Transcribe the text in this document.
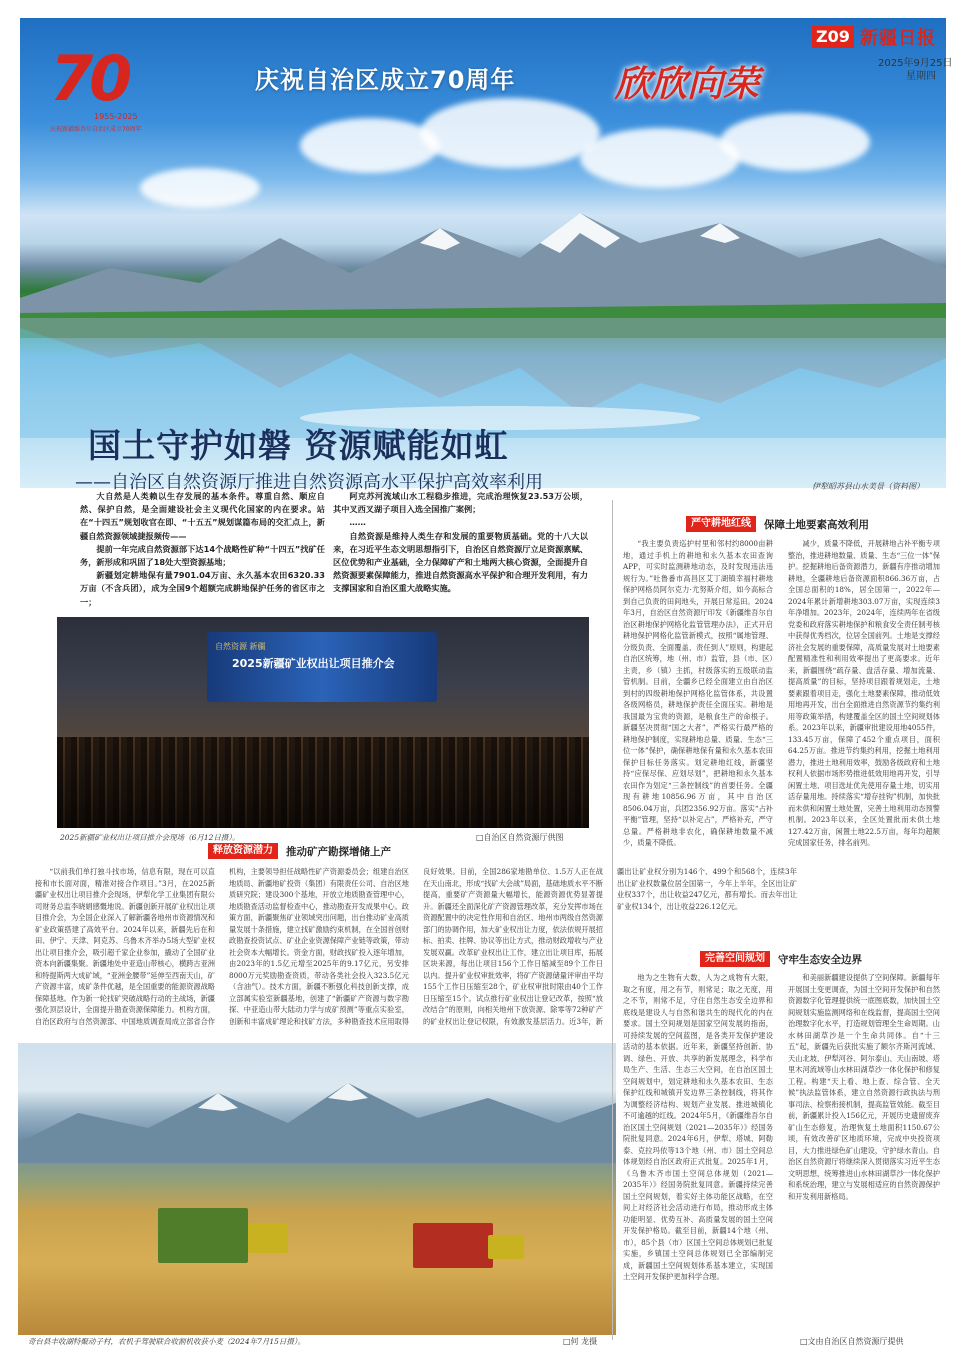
70
1955-2025
庆祝新疆维吾尔自治区成立70周年
庆祝自治区成立70周年	欣欣向荣
国土守护如磐 资源赋能如虹
——自治区自然资源厅推进自然资源高水平保护高效率利用	伊犁昭苏县山水美景（资料图）
Z09 新疆日报
2025年9月25日
星期四

大自然是人类赖以生存发展的基本条件。尊重自然、顺应自然、保护自然，是全面建设社会主义现代化国家的内在要求。站在“十四五”规划收官在即、“十五五”规划谋篇布局的交汇点上，新疆自然资源领域捷报频传——

提前一年完成自然资源部下达14个战略性矿种“十四五”找矿任务，新形成和巩固了18处大型资源基地；

新疆划定耕地保有量7901.04万亩、永久基本农田6320.33万亩（不含兵团），成为全国9个超额完成耕地保护任务的省区市之一；

阿克苏河流域山水工程稳步推进，完成治理恢复23.53万公顷，其中叉西叉湖子项目入选全国推广案例；

……

自然资源是维持人类生存和发展的重要物质基础。党的十八大以来，在习近平生态文明思想指引下，自治区自然资源厅立足资源禀赋、区位优势和产业基础，全力保障矿产和土地两大核心资源，全面提升自然资源要素保障能力，推进自然资源高水平保护和合理开发利用，有力支撑国家和自治区重大战略实施。

自然资源 新疆
2025新疆矿业权出让项目推介会
2025新疆矿业权出让项目推介会现场（6月12日摄）。	□自治区自然资源厅供图
释放资源潜力	推动矿产勘探增储上产

“以前我们单打独斗找市场，信息有限，现在可以直接和市长面对面，精准对接合作项目。”3月，在2025新疆矿业权出让项目推介会现场，伊犁化学工业集团有限公司财务总监李晓娟感慨地说。新疆创新开展矿业权出让项目推介会，为全国企业深入了解新疆各地州市资源情况和矿业政策搭建了高效平台。2024年以来，新疆先后在和田、伊宁、天津、阿克苏、乌鲁木齐举办5场大型矿业权出让项目推介会，吸引超千家企业参加，撬动了全国矿业资本向新疆集聚。新疆地处中亚造山带核心，横跨古亚洲和特提斯两大成矿域，“亚洲金腰带”延伸至西南天山，矿产资源丰富，成矿条件优越，是全国重要的能源资源战略保障基地。作为新一轮找矿突破战略行动的主战场，新疆强化顶层设计，全面提升勘查资源保障能力。机构方面，自治区政府与自然资源部、中国地质调查局成立部省合作机构，主要领导担任战略性矿产资源委员会；组建自治区地质局、新疆地矿投资（集团）有限责任公司、自治区地质研究院；建设300个基地，开放立地质勘查管理中心，地质勘查活动监督检查中心，推动勘查开发成果中心。政策方面，新疆聚焦矿业领域突出问题，出台推动矿业高质量发展十条措施，建立找矿激励约束机制，在全国首创财政勘查投资试点、矿业企业资源保障产业链等政策，带动社会资本大幅增长。资金方面，财政找矿投入逐年增加，由2023年的1.5亿元增至2025年的9.17亿元，另安排8000万元奖励勘查资质，带动各类社会投入323.5亿元（含油气）。技术方面，新疆不断强化科技创新支撑，成立部属实验室新疆基地，创建了“新疆矿产资源与数字勘探、中亚造山带大陆动力学与成矿预测”等重点实验室，创新和丰富成矿理论和找矿方法，多种勘查技术应用取得良好效果。目前，全国286家地勘单位、1.5万人正在战在天山南北，形成“找矿大会战”局面，基础地质水平不断提高，重要矿产资源量大幅增长，能源资源优势显著提升。新疆还全面深化矿产资源管理改革，充分发挥市场在资源配置中的决定性作用和自治区、地州市两级自然资源部门的协调作用，加大矿业权出让力度，依法依规开展招标、拍卖、挂牌、协议等出让方式，推动财政增收与产业发展双赢。改革矿业权出让工作，建立出让项目库，拓展区块来源，每出让项目156个工作日缩减至89个工作日以内。提升矿业权审批效率，将矿产资源储量评审由平均155个工作日压缩至28个，矿业权审批时限由40个工作日压缩至15个。试点推行矿业权出让登记改革，按照“放改结合”的原则，向相关地州下放资源、除零等72种矿产的矿业权出让登记权限，有效激发基层活力。近3年，新疆出让矿业权分别为146个、499个和568个，连续3年出让矿业权数量位居全国第一，今年上半年，全区出让矿业权337个，出让收益247亿元，都有增长。而去年出让矿业权134个，出让收益226.12亿元。

奇台县丰收湖特聚动子村，农机手驾驶联合收割机收获小麦（2024年7月15日摄）。	□何 龙摄
严守耕地红线	保障土地要素高效利用

“我主要负责巡护村里和邻村约8000亩耕地，通过手机上的耕地和永久基本农田查询APP，可实时监测耕地动态，及时发现违法违规行为。”吐鲁番市高昌区艾丁湖镇幸福村耕地保护网格员阿尔克力·尤努斯介绍，如今高标合到自己负责的田间地头，开展日常巡田。2024年3月，自治区自然资源厅印发《新疆维吾尔自治区耕地保护网格化监管管理办法》，正式开启耕地保护网格化监管新模式，按照“属地管理、分级负责、全面覆盖、责任到人”原则，构建起自治区统筹，地（州、市）监管，县（市、区）主责，乡（镇）主抓，村级落实的五级联动监管机制。目前，全疆乡已经全面建立由自治区到村的四级耕地保护网格化监管体系，共设置各级网格员，耕地保护责任全面压实。耕地是我国最为宝贵的资源，是粮食生产的命根子。新疆坚决贯彻“国之大者”，严格实行最严格的耕地保护制度，实现耕地总量、质量、生态“三位一体”保护，确保耕地保有量和永久基本农田保护目标任务落实。划定耕地红线，新疆坚持“应保尽保、应划尽划”，把耕地和永久基本农田作为划定“三条控制线”的首要任务。全疆现有耕地10856.96万亩，其中自治区8506.04万亩，兵团2356.92万亩。落实“占补平衡”管理，坚持“以补定占”，严格补充，严守总量。严格耕地非农化，确保耕地数量不减少，质量不降低。

减少，质量不降低，开展耕地占补平衡专项整治，推进耕地数量、质量、生态“三位一体”保护。挖掘耕地后备资源潜力，新疆有序推动增加耕地，全疆耕地后备资源面积866.36万亩，占全国总面积的18%，居全国第一，2022年—2024年累计新增耕地303.07万亩，实现连续3年净增加。2023年，2024年，连续两年在省级党委和政府落实耕地保护和粮食安全责任制考核中获得优秀档次，位居全国前列。土地是支撑经济社会发展的重要保障，高质量发展对土地要素配置精准性和利用效率提出了更高要求。近年来，新疆围绕“疏存量、盘活存量、增加流量、提高质量”的目标，坚持项目跟着规划走，土地要素跟着项目走，强化土地要素保障，推动低效用地再开发，出台全面推进自然资源节约集约利用等政策举措，构建覆盖全区的国土空间规划体系。2023年以来，新疆审批建设用地4055件，133.45万亩，保障了452个重点项目，面积64.25万亩。推进节约集约利用，挖掘土地利用潜力，推进土地利用效率，鼓励各级政府和土地权利人依据市场形势推进低效用地再开发，引导闲置土地、项目选址优先使用存量土地，切实用活存量用地。持续落实“增存挂钩”机制，加快批而未供和闲置土地处置，完善土地利用动态预警机制。2023年以来，全区处置批而未供土地127.42万亩，闲置土地22.5万亩，每年均超额完成国家任务，排名前列。

完善空间规划	守牢生态安全边界

地为之生物有大数，人为之成物有大限，取之有度，用之有节，则常足；取之无度，用之不节，则常不足，守住自然生态安全边界和底线是建设人与自然和谐共生的现代化的内在要求。国土空间规划是国家空间发展的指南，可持续发展的空间蓝图，是各类开发保护建设活动的基本依据。近年来，新疆坚持创新、协调、绿色、开放、共享的新发展理念，科学布局生产、生活、生态三大空间，在自治区国土空间规划中，划定耕地和永久基本农田、生态保护红线和城镇开发边界三条控制线，将其作为调整经济结构、规划产业发展、推进城镇化不可逾越的红线。2024年5月，《新疆维吾尔自治区国土空间规划（2021—2035年）》经国务院批复同意。2024年6月，伊犁、塔城、阿勒泰、克拉玛依等13个地（州、市）国土空间总体规划经自治区政府正式批复。2025年1月，《乌鲁木齐市国土空间总体规划（2021—2035年）》经国务院批复同意。新疆持续完善国土空间规划，着实好主体功能区战略，在空间上对经济社会活动进行布局，推动形成主体功能明显、优势互补、高质量发展的国土空间开发保护格局。截至目前，新疆14个地（州、市），85个县（市）区国土空间总体规划已批复实施，乡镇国土空间总体规划已全部编制完成，新疆国土空间规划体系基本建立，实现国土空间开发保护更加科学合理。

和美丽新疆建设提供了空间保障。新疆每年开展国土变更调查，为国土空间开发保护和自然资源数字化管理提供统一底图底数，加快国土空间规划实施监测网络和在线监督，提高国土空间治理数字化水平，打造规划管理全生命周期。山水林田湖草沙是一个生命共同体。自“十三五”起，新疆先后获批实施了额尔齐斯河流域、天山北坡、伊犁河谷、阿尔泰山、天山南坡、塔里木河流域等山水林田湖草沙一体化保护和修复工程。构建“天上看、地上查、综合管、全天候”执法监管体系，建立自然资源行政执法与刑事司法、检察衔接机制，提高监管效能。截至目前，新疆累计投入156亿元，开展历史遗留废弃矿山生态修复，治理恢复土地面积1150.67公顷，有效改善矿区地质环境，完成中央投资项目，大力推进绿色矿山建设，守护绿水青山。自治区自然资源厅将继续深入贯彻落实习近平生态文明思想，统筹推进山水林田湖草沙一体化保护和系统治理，建立与发展相适应的自然资源保护和开发利用新格局。

□文由自治区自然资源厅提供
